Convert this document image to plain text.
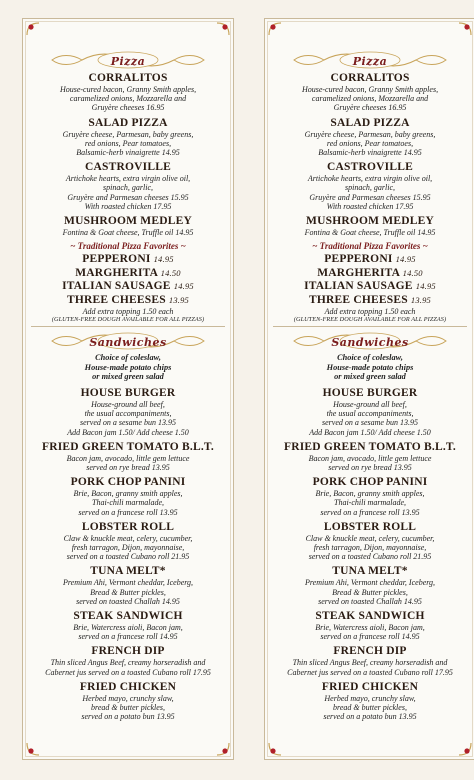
Pizza
CORRALITOS
House-cured bacon, Granny Smith apples,
caramelized onions, Mozzarella and
Gruyère cheeses 16.95
SALAD PIZZA
Gruyère cheese, Parmesan, baby greens,
red onions, Pear tomatoes,
Balsamic-herb vinaigrette 14.95
CASTROVILLE
Artichoke hearts, extra virgin olive oil,
spinach, garlic,
Gruyère and Parmesan cheeses 15.95
With roasted chicken 17.95
MUSHROOM MEDLEY
Fontina & Goat cheese, Truffle oil 14.95
~ Traditional Pizza Favorites ~
PEPPERONI 14.95
MARGHERITA 14.50
ITALIAN SAUSAGE 14.95
THREE CHEESES 13.95
Add extra topping 1.50 each
(GLUTEN-FREE DOUGH AVAILABLE FOR ALL PIZZAS)
Sandwiches
Choice of coleslaw,
House-made potato chips
or mixed green salad
HOUSE BURGER
House-ground all beef,
the usual accompaniments,
served on a sesame bun 13.95
Add Bacon jam 1.50/ Add cheese 1.50
FRIED GREEN TOMATO B.L.T.
Bacon jam, avocado, little gem lettuce
served on rye bread 13.95
PORK CHOP PANINI
Brie, Bacon, granny smith apples,
Thai-chili marmalade,
served on a francese roll 13.95
LOBSTER ROLL
Claw & knuckle meat, celery, cucumber,
fresh tarragon, Dijon, mayonnaise,
served on a toasted Cubano roll 21.95
TUNA MELT*
Premium Ahi, Vermont cheddar, Iceberg,
Bread & Butter pickles,
served on toasted Challah 14.95
STEAK SANDWICH
Brie, Watercress aioli, Bacon jam,
served on a francese roll 14.95
FRENCH DIP
Thin sliced Angus Beef, creamy horseradish and
Cabernet jus served on a toasted Cubano roll 17.95
FRIED CHICKEN
Herbed mayo, crunchy slaw,
bread & butter pickles,
served on a potato bun 13.95
Pizza
CORRALITOS
House-cured bacon, Granny Smith apples,
caramelized onions, Mozzarella and
Gruyère cheeses 16.95
SALAD PIZZA
Gruyère cheese, Parmesan, baby greens,
red onions, Pear tomatoes,
Balsamic-herb vinaigrette 14.95
CASTROVILLE
Artichoke hearts, extra virgin olive oil,
spinach, garlic,
Gruyère and Parmesan cheeses 15.95
With roasted chicken 17.95
MUSHROOM MEDLEY
Fontina & Goat cheese, Truffle oil 14.95
~ Traditional Pizza Favorites ~
PEPPERONI 14.95
MARGHERITA 14.50
ITALIAN SAUSAGE 14.95
THREE CHEESES 13.95
Add extra topping 1.50 each
(GLUTEN-FREE DOUGH AVAILABLE FOR ALL PIZZAS)
Sandwiches
Choice of coleslaw,
House-made potato chips
or mixed green salad
HOUSE BURGER
House-ground all beef,
the usual accompaniments,
served on a sesame bun 13.95
Add Bacon jam 1.50/ Add cheese 1.50
FRIED GREEN TOMATO B.L.T.
Bacon jam, avocado, little gem lettuce
served on rye bread 13.95
PORK CHOP PANINI
Brie, Bacon, granny smith apples,
Thai-chili marmalade,
served on a francese roll 13.95
LOBSTER ROLL
Claw & knuckle meat, celery, cucumber,
fresh tarragon, Dijon, mayonnaise,
served on a toasted Cubano roll 21.95
TUNA MELT*
Premium Ahi, Vermont cheddar, Iceberg,
Bread & Butter pickles,
served on toasted Challah 14.95
STEAK SANDWICH
Brie, Watercress aioli, Bacon jam,
served on a francese roll 14.95
FRENCH DIP
Thin sliced Angus Beef, creamy horseradish and
Cabernet jus served on a toasted Cubano roll 17.95
FRIED CHICKEN
Herbed mayo, crunchy slaw,
bread & butter pickles,
served on a potato bun 13.95
